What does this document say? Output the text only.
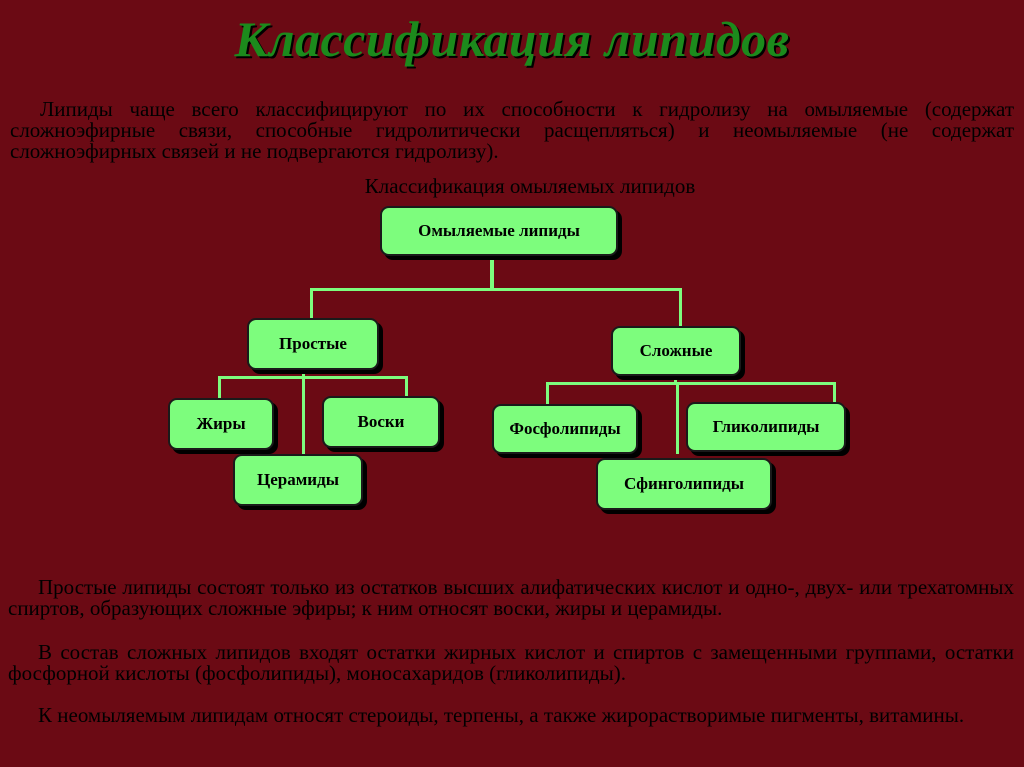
Классификация липидов

Липиды чаще всего классифицируют по их способности к гидролизу на омыляемые (содержат сложноэфирные связи, способные гидролитически расщепляться) и неомыляемые (не содержат сложноэфирных связей и не подвергаются гидролизу).

Классификация омыляемых липидов
Омыляемые липиды
Простые	Сложные
Жиры	Воски
Церамиды
Фосфолипиды	Гликолипиды
Сфинголипиды

Простые липиды состоят только из остатков высших алифатических кислот и одно-, двух- или трехатомных спиртов, образующих сложные эфиры; к ним относят воски, жиры и церамиды.

В состав сложных липидов входят остатки жирных кислот и спиртов с замещенными группами, остатки фосфорной кислоты (фосфолипиды), моносахаридов (гликолипиды).

К неомыляемым липидам относят стероиды, терпены, а также жирорастворимые пигменты, витамины.
